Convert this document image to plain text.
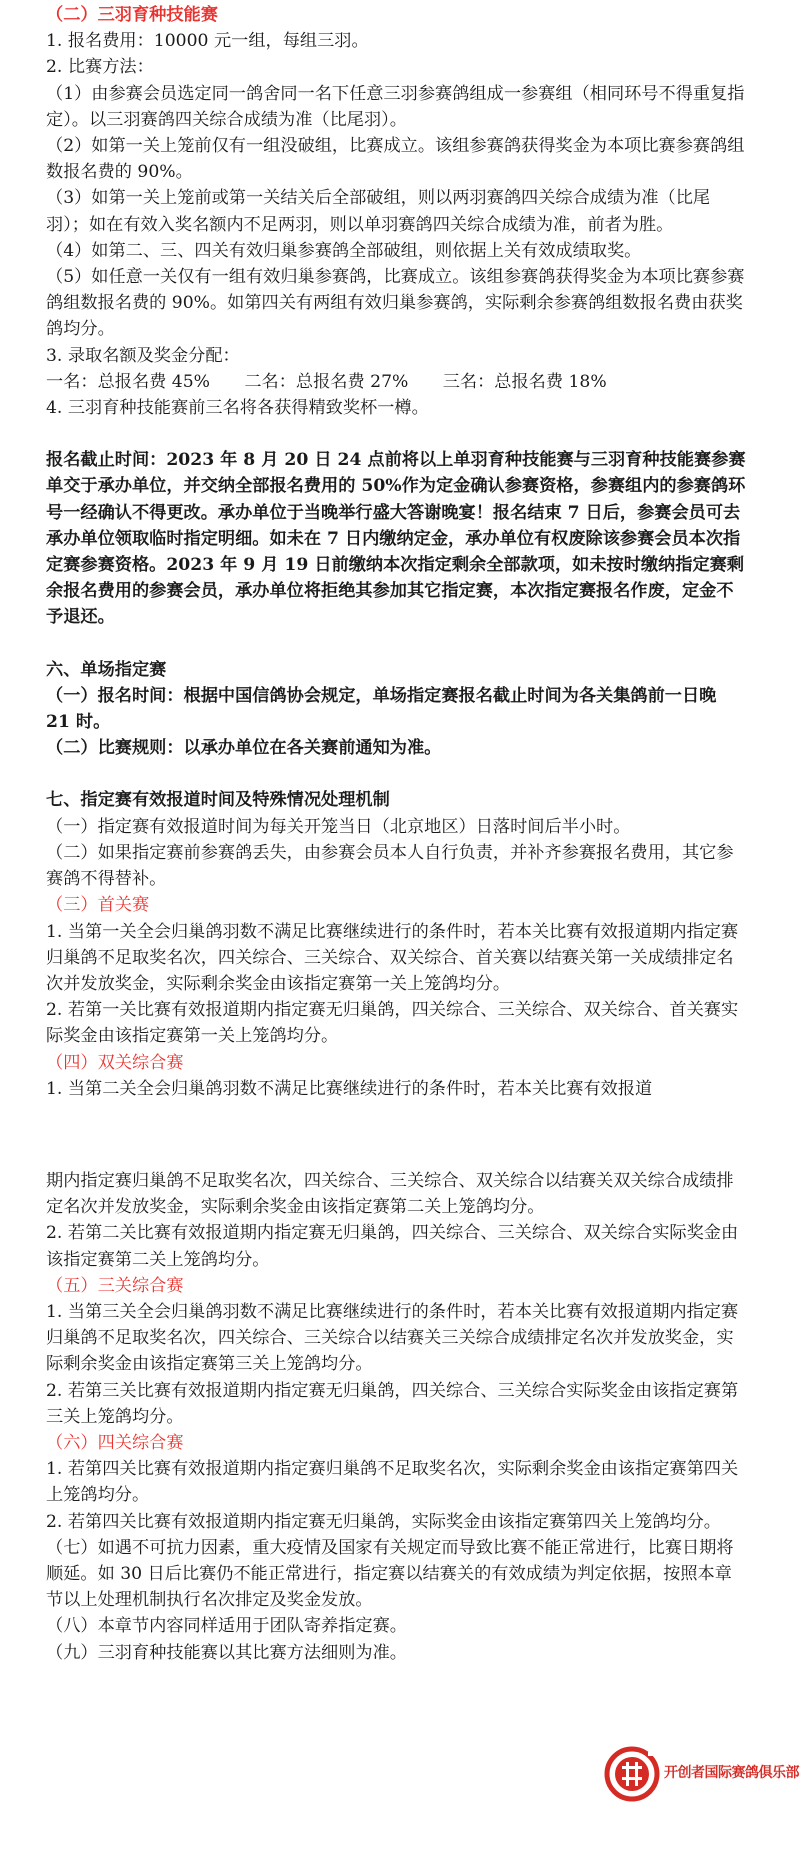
（二）三羽育种技能赛

1. 报名费用：10000 元一组，每组三羽。

2. 比赛方法：

（1）由参赛会员选定同一鸽舍同一名下任意三羽参赛鸽组成一参赛组（相同环号不得重复指定）。以三羽赛鸽四关综合成绩为准（比尾羽）。

（2）如第一关上笼前仅有一组没破组，比赛成立。该组参赛鸽获得奖金为本项比赛参赛鸽组数报名费的 90%。

（3）如第一关上笼前或第一关结关后全部破组，则以两羽赛鸽四关综合成绩为准（比尾羽）；如在有效入奖名额内不足两羽，则以单羽赛鸽四关综合成绩为准，前者为胜。

（4）如第二、三、四关有效归巢参赛鸽全部破组，则依据上关有效成绩取奖。

（5）如任意一关仅有一组有效归巢参赛鸽，比赛成立。该组参赛鸽获得奖金为本项比赛参赛鸽组数报名费的 90%。如第四关有两组有效归巢参赛鸽，实际剩余参赛鸽组数报名费由获奖鸽均分。

3. 录取名额及奖金分配：

一名：总报名费 45%　　二名：总报名费 27%　　三名：总报名费 18%

4. 三羽育种技能赛前三名将各获得精致奖杯一樽。

报名截止时间：2023 年 8 月 20 日 24 点前将以上单羽育种技能赛与三羽育种技能赛参赛单交于承办单位，并交纳全部报名费用的 50%作为定金确认参赛资格，参赛组内的参赛鸽环号一经确认不得更改。承办单位于当晚举行盛大答谢晚宴！报名结束 7 日后，参赛会员可去承办单位领取临时指定明细。如未在 7 日内缴纳定金，承办单位有权废除该参赛会员本次指定赛参赛资格。2023 年 9 月 19 日前缴纳本次指定剩余全部款项，如未按时缴纳指定赛剩余报名费用的参赛会员，承办单位将拒绝其参加其它指定赛，本次指定赛报名作废，定金不予退还。

六、单场指定赛

（一）报名时间：根据中国信鸽协会规定，单场指定赛报名截止时间为各关集鸽前一日晚 21 时。

（二）比赛规则：以承办单位在各关赛前通知为准。

七、指定赛有效报道时间及特殊情况处理机制

（一）指定赛有效报道时间为每关开笼当日（北京地区）日落时间后半小时。

（二）如果指定赛前参赛鸽丢失，由参赛会员本人自行负责，并补齐参赛报名费用，其它参赛鸽不得替补。

（三）首关赛

1. 当第一关全会归巢鸽羽数不满足比赛继续进行的条件时，若本关比赛有效报道期内指定赛归巢鸽不足取奖名次，四关综合、三关综合、双关综合、首关赛以结赛关第一关成绩排定名次并发放奖金，实际剩余奖金由该指定赛第一关上笼鸽均分。

2. 若第一关比赛有效报道期内指定赛无归巢鸽，四关综合、三关综合、双关综合、首关赛实际奖金由该指定赛第一关上笼鸽均分。

（四）双关综合赛

1. 当第二关全会归巢鸽羽数不满足比赛继续进行的条件时，若本关比赛有效报道

期内指定赛归巢鸽不足取奖名次，四关综合、三关综合、双关综合以结赛关双关综合成绩排定名次并发放奖金，实际剩余奖金由该指定赛第二关上笼鸽均分。

2. 若第二关比赛有效报道期内指定赛无归巢鸽，四关综合、三关综合、双关综合实际奖金由该指定赛第二关上笼鸽均分。

（五）三关综合赛

1. 当第三关全会归巢鸽羽数不满足比赛继续进行的条件时，若本关比赛有效报道期内指定赛归巢鸽不足取奖名次，四关综合、三关综合以结赛关三关综合成绩排定名次并发放奖金，实际剩余奖金由该指定赛第三关上笼鸽均分。

2. 若第三关比赛有效报道期内指定赛无归巢鸽，四关综合、三关综合实际奖金由该指定赛第三关上笼鸽均分。

（六）四关综合赛

1. 若第四关比赛有效报道期内指定赛归巢鸽不足取奖名次，实际剩余奖金由该指定赛第四关上笼鸽均分。

2. 若第四关比赛有效报道期内指定赛无归巢鸽，实际奖金由该指定赛第四关上笼鸽均分。

（七）如遇不可抗力因素，重大疫情及国家有关规定而导致比赛不能正常进行，比赛日期将顺延。如 30 日后比赛仍不能正常进行，指定赛以结赛关的有效成绩为判定依据，按照本章节以上处理机制执行名次排定及奖金发放。

（八）本章节内容同样适用于团队寄养指定赛。

（九）三羽育种技能赛以其比赛方法细则为准。

开创者国际赛鸽俱乐部
